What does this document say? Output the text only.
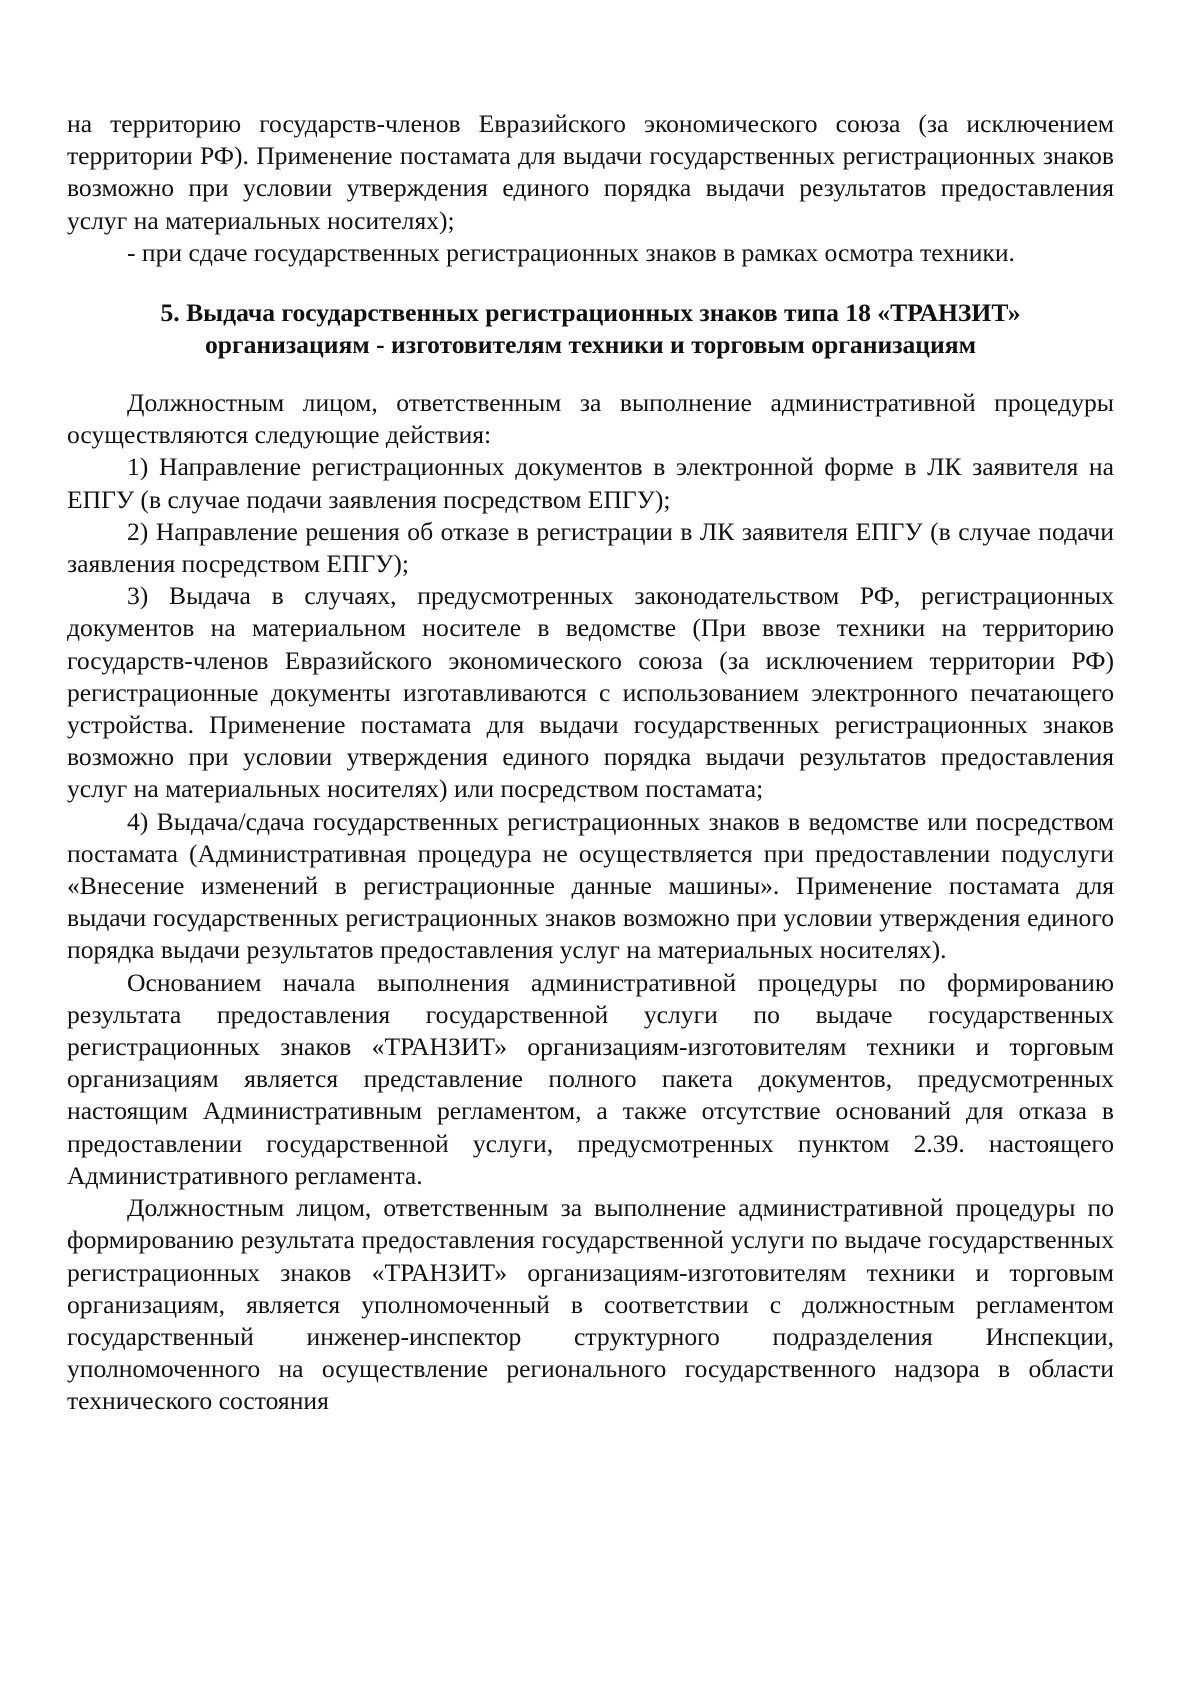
на территорию государств-членов Евразийского экономического союза (за исключением территории РФ). Применение постамата для выдачи государственных регистрационных знаков возможно при условии утверждения единого порядка выдачи результатов предоставления услуг на материальных носителях);

- при сдаче государственных регистрационных знаков в рамках осмотра техники.

5. Выдача государственных регистрационных знаков типа 18 «ТРАНЗИТ»
организациям - изготовителям техники и торговым организациям

Должностным лицом, ответственным за выполнение административной процедуры осуществляются следующие действия:

1) Направление регистрационных документов в электронной форме в ЛК заявителя на ЕПГУ (в случае подачи заявления посредством ЕПГУ);

2) Направление решения об отказе в регистрации в ЛК заявителя ЕПГУ (в случае подачи заявления посредством ЕПГУ);

3) Выдача в случаях, предусмотренных законодательством РФ, регистрационных документов на материальном носителе в ведомстве (При ввозе техники на территорию государств-членов Евразийского экономического союза (за исключением территории РФ) регистрационные документы изготавливаются с использованием электронного печатающего устройства. Применение постамата для выдачи государственных регистрационных знаков возможно при условии утверждения единого порядка выдачи результатов предоставления услуг на материальных носителях) или посредством постамата;

4) Выдача/сдача государственных регистрационных знаков в ведомстве или посредством постамата (Административная процедура не осуществляется при предоставлении подуслуги «Внесение изменений в регистрационные данные машины». Применение постамата для выдачи государственных регистрационных знаков возможно при условии утверждения единого порядка выдачи результатов предоставления услуг на материальных носителях).

Основанием начала выполнения административной процедуры по формированию результата предоставления государственной услуги по выдаче государственных регистрационных знаков «ТРАНЗИТ» организациям-изготовителям техники и торговым организациям является представление полного пакета документов, предусмотренных настоящим Административным регламентом, а также отсутствие оснований для отказа в предоставлении государственной услуги, предусмотренных пунктом 2.39. настоящего Административного регламента.

Должностным лицом, ответственным за выполнение административной процедуры по формированию результата предоставления государственной услуги по выдаче государственных регистрационных знаков «ТРАНЗИТ» организациям-изготовителям техники и торговым организациям, является уполномоченный в соответствии с должностным регламентом государственный инженер-инспектор структурного подразделения Инспекции, уполномоченного на осуществление регионального государственного надзора в области технического состояния
